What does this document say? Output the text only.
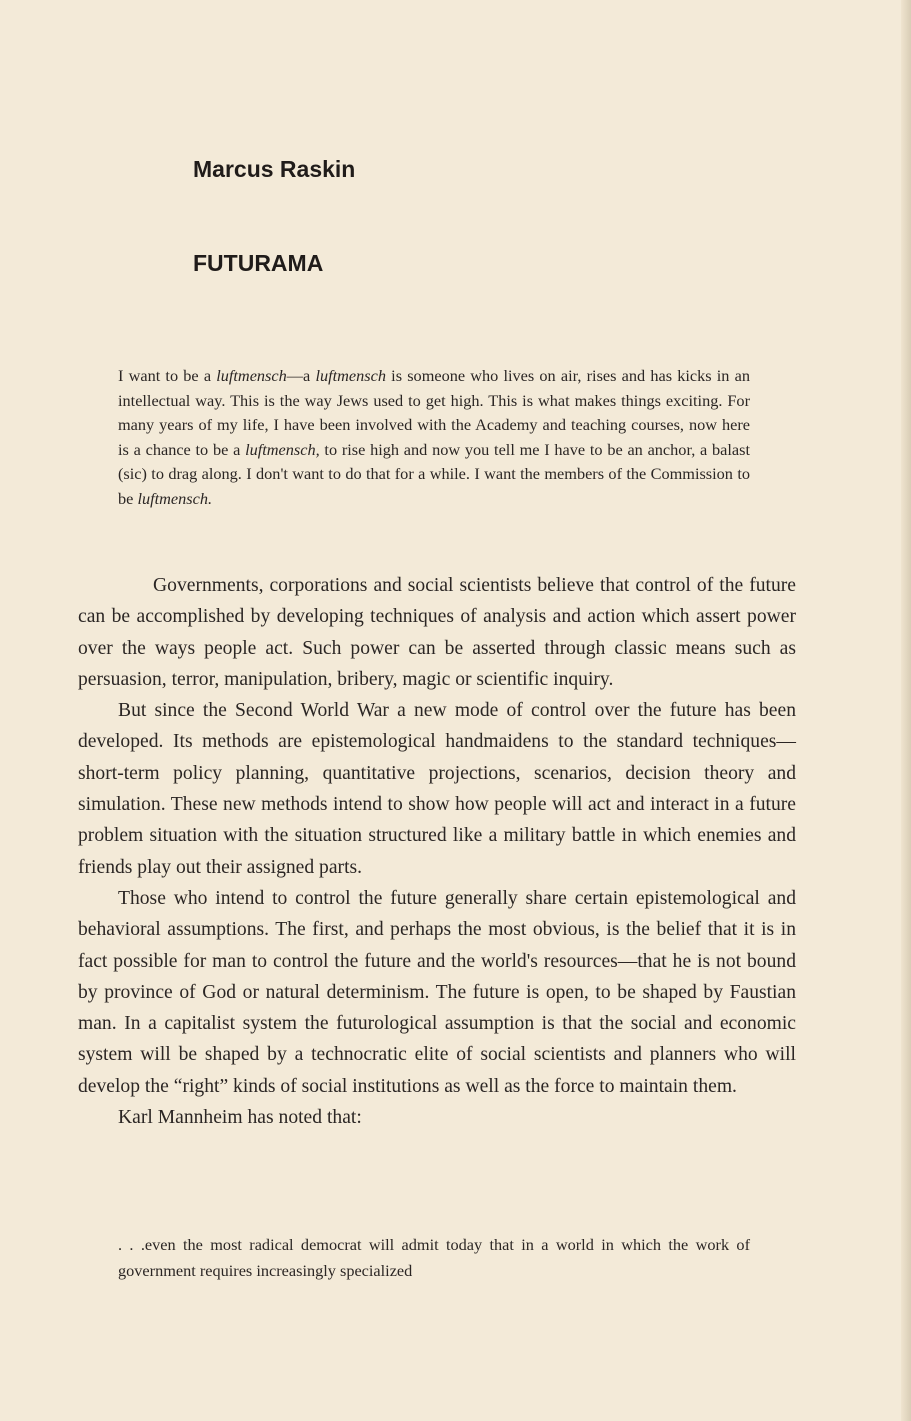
Marcus Raskin
FUTURAMA

I want to be a luftmensch—a luftmensch is someone who lives on air, rises and has kicks in an intellectual way. This is the way Jews used to get high. This is what makes things exciting. For many years of my life, I have been involved with the Academy and teaching courses, now here is a chance to be a luftmensch, to rise high and now you tell me I have to be an anchor, a balast (sic) to drag along. I don't want to do that for a while. I want the members of the Commission to be luftmensch.

Governments, corporations and social scientists believe that control of the future can be accomplished by developing techniques of analysis and action which assert power over the ways people act. Such power can be asserted through classic means such as persuasion, terror, manipulation, bribery, magic or scientific inquiry.

But since the Second World War a new mode of control over the future has been developed. Its methods are epistemological handmaidens to the standard techniques—short-term policy planning, quantitative projections, scenarios, decision theory and simulation. These new methods intend to show how people will act and interact in a future problem situation with the situation structured like a military battle in which enemies and friends play out their assigned parts.

Those who intend to control the future generally share certain epistemological and behavioral assumptions. The first, and perhaps the most obvious, is the belief that it is in fact possible for man to control the future and the world's resources—that he is not bound by province of God or natural determinism. The future is open, to be shaped by Faustian man. In a capitalist system the futurological assumption is that the social and economic system will be shaped by a technocratic elite of social scientists and planners who will develop the “right” kinds of social institutions as well as the force to maintain them.

Karl Mannheim has noted that:

. . .even the most radical democrat will admit today that in a world in which the work of government requires increasingly specialized
